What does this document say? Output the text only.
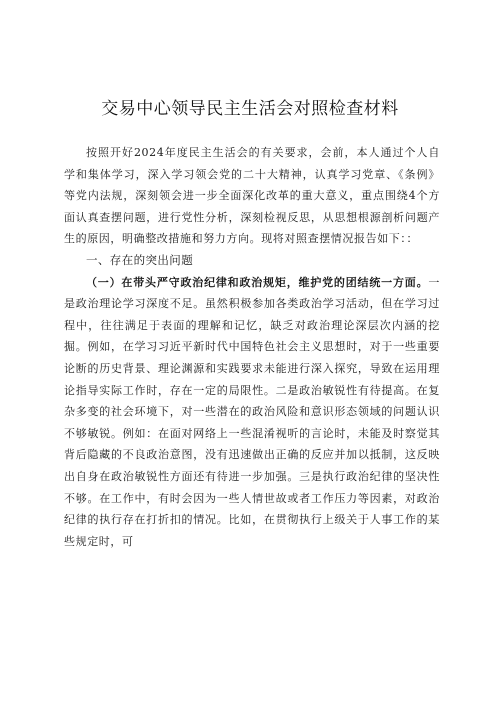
交易中心领导民主生活会对照检查材料

按照开好2024年度民主生活会的有关要求，会前，本人通过个人自学和集体学习，深入学习领会党的二十大精神，认真学习党章、《条例》等党内法规，深刻领会进一步全面深化改革的重大意义，重点围绕4个方面认真查摆问题，进行党性分析，深刻检视反思，从思想根源剖析问题产生的原因，明确整改措施和努力方向。现将对照查摆情况报告如下：：

一、存在的突出问题

（一）在带头严守政治纪律和政治规矩，维护党的团结统一方面。一是政治理论学习深度不足。虽然积极参加各类政治学习活动，但在学习过程中，往往满足于表面的理解和记忆，缺乏对政治理论深层次内涵的挖掘。例如，在学习习近平新时代中国特色社会主义思想时，对于一些重要论断的历史背景、理论渊源和实践要求未能进行深入探究，导致在运用理论指导实际工作时，存在一定的局限性。二是政治敏锐性有待提高。在复杂多变的社会环境下，对一些潜在的政治风险和意识形态领域的问题认识不够敏锐。例如：在面对网络上一些混淆视听的言论时，未能及时察觉其背后隐藏的不良政治意图，没有迅速做出正确的反应并加以抵制，这反映出自身在政治敏锐性方面还有待进一步加强。三是执行政治纪律的坚决性不够。在工作中，有时会因为一些人情世故或者工作压力等因素，对政治纪律的执行存在打折扣的情况。比如，在贯彻执行上级关于人事工作的某些规定时，可
